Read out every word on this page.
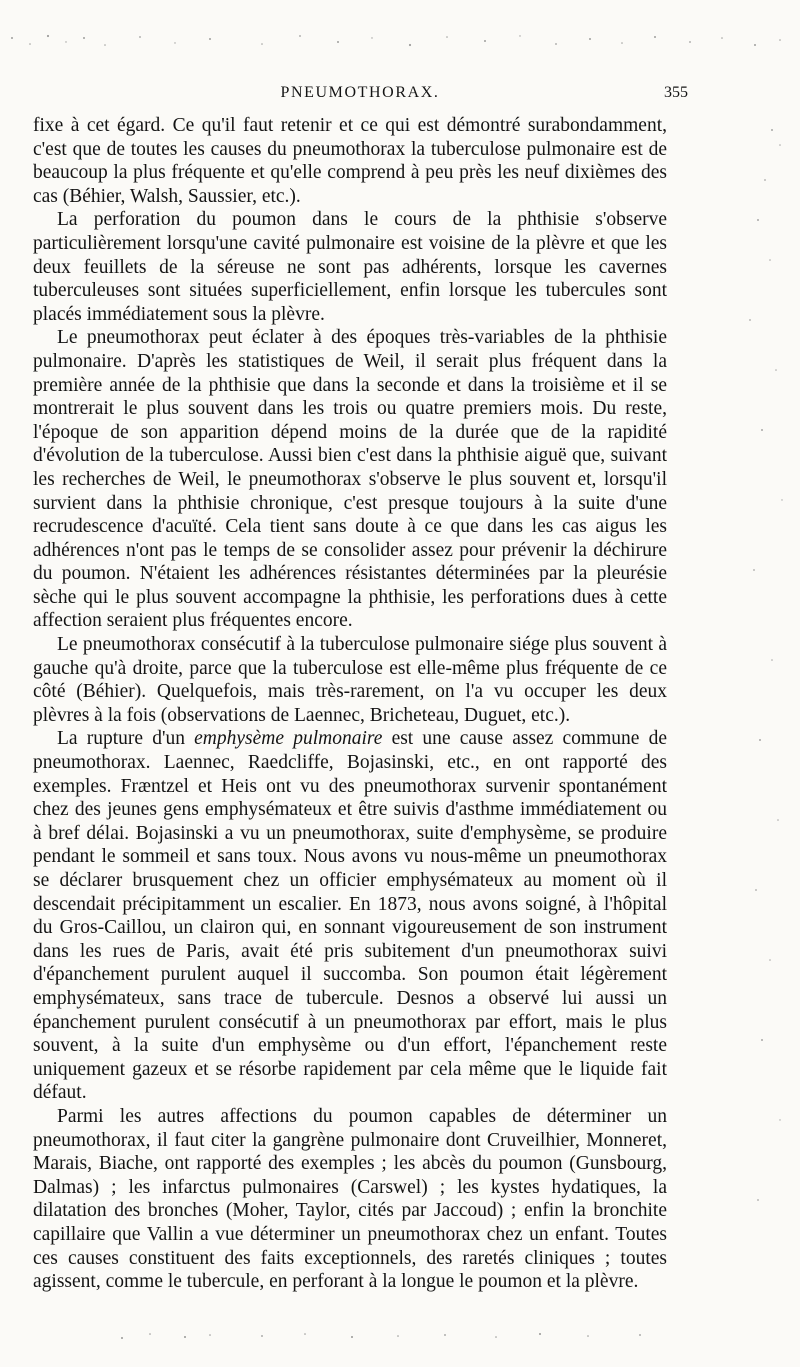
PNEUMOTHORAX.	355

fixe à cet égard. Ce qu'il faut retenir et ce qui est démontré surabondamment, c'est que de toutes les causes du pneumothorax la tuberculose pulmonaire est de beaucoup la plus fréquente et qu'elle comprend à peu près les neuf dixièmes des cas (Béhier, Walsh, Saussier, etc.).

La perforation du poumon dans le cours de la phthisie s'observe particulièrement lorsqu'une cavité pulmonaire est voisine de la plèvre et que les deux feuillets de la séreuse ne sont pas adhérents, lorsque les cavernes tuberculeuses sont situées superficiellement, enfin lorsque les tubercules sont placés immédiatement sous la plèvre.

Le pneumothorax peut éclater à des époques très-variables de la phthisie pulmonaire. D'après les statistiques de Weil, il serait plus fréquent dans la première année de la phthisie que dans la seconde et dans la troisième et il se montrerait le plus souvent dans les trois ou quatre premiers mois. Du reste, l'époque de son apparition dépend moins de la durée que de la rapidité d'évolution de la tuberculose. Aussi bien c'est dans la phthisie aiguë que, suivant les recherches de Weil, le pneumothorax s'observe le plus souvent et, lorsqu'il survient dans la phthisie chronique, c'est presque toujours à la suite d'une recrudescence d'acuïté. Cela tient sans doute à ce que dans les cas aigus les adhérences n'ont pas le temps de se consolider assez pour prévenir la déchirure du poumon. N'étaient les adhérences résistantes déterminées par la pleurésie sèche qui le plus souvent accompagne la phthisie, les perforations dues à cette affection seraient plus fréquentes encore.

Le pneumothorax consécutif à la tuberculose pulmonaire siége plus souvent à gauche qu'à droite, parce que la tuberculose est elle-même plus fréquente de ce côté (Béhier). Quelquefois, mais très-rarement, on l'a vu occuper les deux plèvres à la fois (observations de Laennec, Bricheteau, Duguet, etc.).

La rupture d'un emphysème pulmonaire est une cause assez commune de pneumothorax. Laennec, Raedcliffe, Bojasinski, etc., en ont rapporté des exemples. Fræntzel et Heis ont vu des pneumothorax survenir spontanément chez des jeunes gens emphysémateux et être suivis d'asthme immédiatement ou à bref délai. Bojasinski a vu un pneumothorax, suite d'emphysème, se produire pendant le sommeil et sans toux. Nous avons vu nous-même un pneumothorax se déclarer brusquement chez un officier emphysémateux au moment où il descendait précipitamment un escalier. En 1873, nous avons soigné, à l'hôpital du Gros-Caillou, un clairon qui, en sonnant vigoureusement de son instrument dans les rues de Paris, avait été pris subitement d'un pneumothorax suivi d'épanchement purulent auquel il succomba. Son poumon était légèrement emphysémateux, sans trace de tubercule. Desnos a observé lui aussi un épanchement purulent consécutif à un pneumothorax par effort, mais le plus souvent, à la suite d'un emphysème ou d'un effort, l'épanchement reste uniquement gazeux et se résorbe rapidement par cela même que le liquide fait défaut.

Parmi les autres affections du poumon capables de déterminer un pneumothorax, il faut citer la gangrène pulmonaire dont Cruveilhier, Monneret, Marais, Biache, ont rapporté des exemples ; les abcès du poumon (Gunsbourg, Dalmas) ; les infarctus pulmonaires (Carswel) ; les kystes hydatiques, la dilatation des bronches (Moher, Taylor, cités par Jaccoud) ; enfin la bronchite capillaire que Vallin a vue déterminer un pneumothorax chez un enfant. Toutes ces causes constituent des faits exceptionnels, des raretés cliniques ; toutes agissent, comme le tubercule, en perforant à la longue le poumon et la plèvre.
